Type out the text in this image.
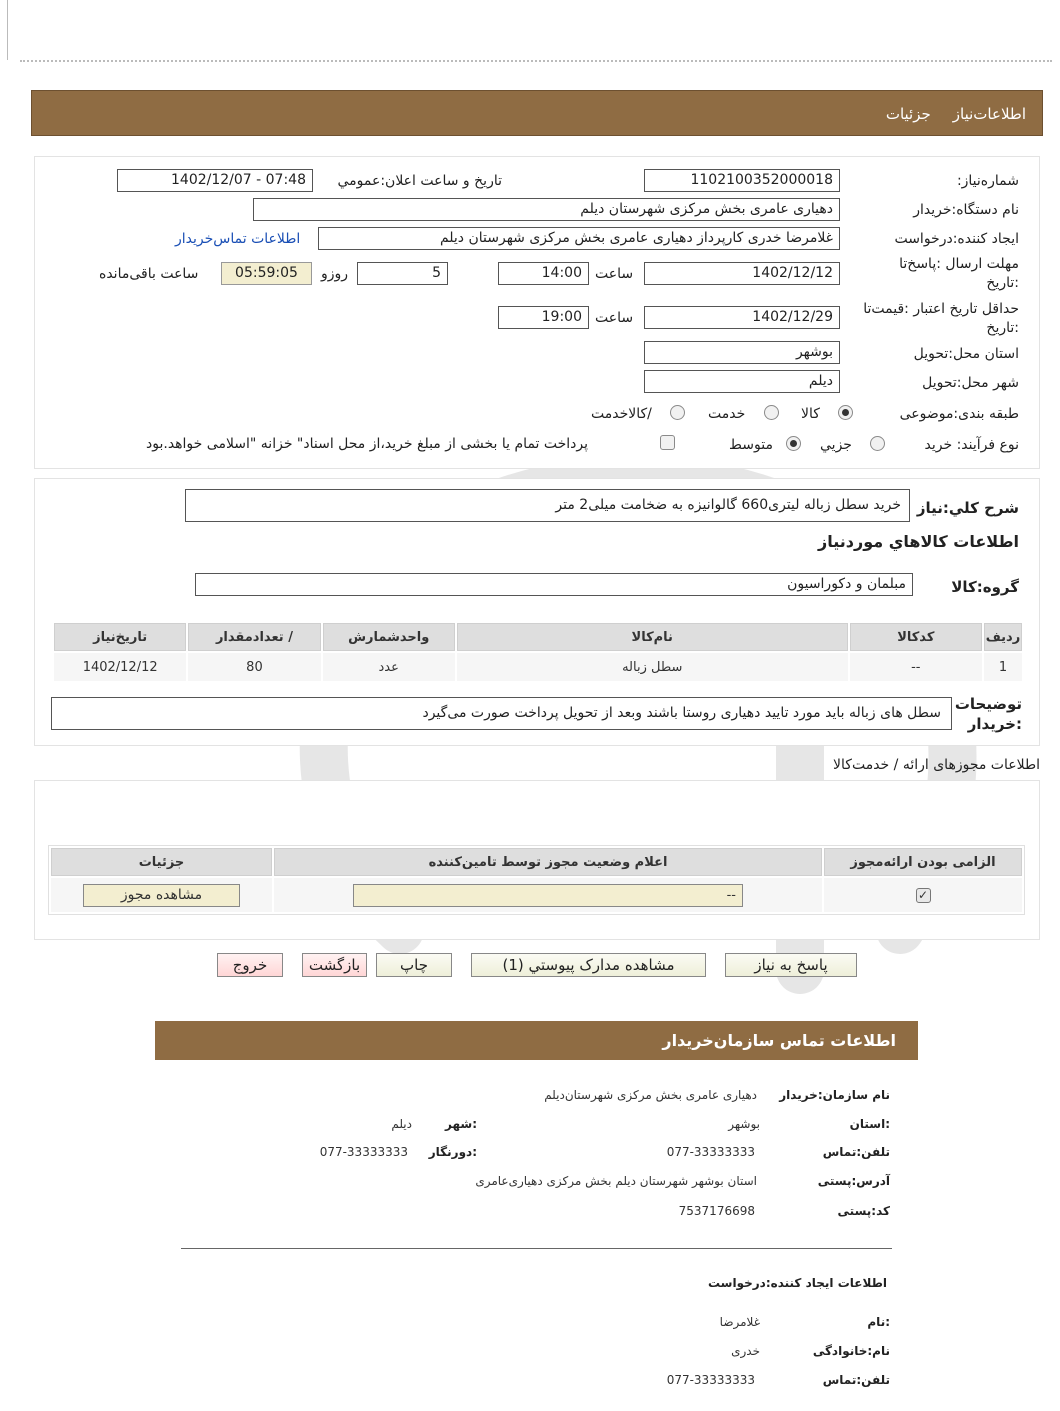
اطلاعات‌نیازجزئیات
شماره‌نیاز:
1102100352000018
تاریخ و ساعت اعلان:عمومي
1402/12/07 - 07:48
نام دستگاه:خریدار
دهیاری عامری بخش مرکزی شهرستان دیلم
ایجاد کننده:درخواست
غلامرضا خدری کارپرداز دهیاری عامری بخش مرکزی شهرستان دیلم
اطلاعات تماس‌خریدار
مهلت ارسال :پاسخ‌تا
:تاریخ
1402/12/12
ساعت
14:00
5
روزو
05:59:05
ساعت باقی‌مانده
حداقل تاریخ اعتبار :قیمت‌تا
:تاریخ
1402/12/29
ساعت
19:00
استان محل:تحویل
بوشهر
شهر محل:تحویل
دیلم
طبقه بندی:موضوعی
کالا
خدمت
/کالاخدمت
نوع فرآیند: خرید
جزيي
متوسط
پرداخت تمام یا بخشی از مبلغ خرید،از محل اسناد" خزانه "اسلامی خواهد.بود
شرح كلي:نیاز
خرید سطل زباله لیتری660 گالوانیزه به ضخامت میلی2 متر
اطلاعات كالاهاي موردنياز
گروه:کالا
مبلمان و دکوراسیون
ردیف	کدکالا	نام‌کالا	واحدشمارش	/ تعدادمقدار	تاریخ‌نیاز
1	--	سطل زباله	عدد	80	1402/12/12
توضیحات
:خریدار
سطل های زباله باید مورد تایید دهیاری روستا باشند وبعد از تحویل پرداخت صورت می‌گیرد
اطلاعات مجوزهای ارائه / خدمت‌کالا
الزامی بودن ارائه‌مجوز	اعلام وضعیت مجوز توسط تامین‌کننده	جزئیات

✓	--	مشاهده مجوز
پاسخ به نیاز
مشاهده مدارک پیوستي (1)
چاپ
بازگشت
خروج
اطلاعات تماس سازمان‌خریدار
نام سازمان:خریدار
دهیاری عامری بخش مرکزی شهرستان‌دیلم
:استان
بوشهر
:شهر
دیلم
تلفن:تماس
077-33333333
:دورنگار
077-33333333
آدرس:پستی
استان بوشهر شهرستان دیلم بخش مرکزی دهیاری‌عامری
کد:پستی
7537176698
اطلاعات ایجاد کننده:درخواست
:نام
غلامرضا
نام:خانوادگی
خدری
تلفن:تماس
077-33333333
